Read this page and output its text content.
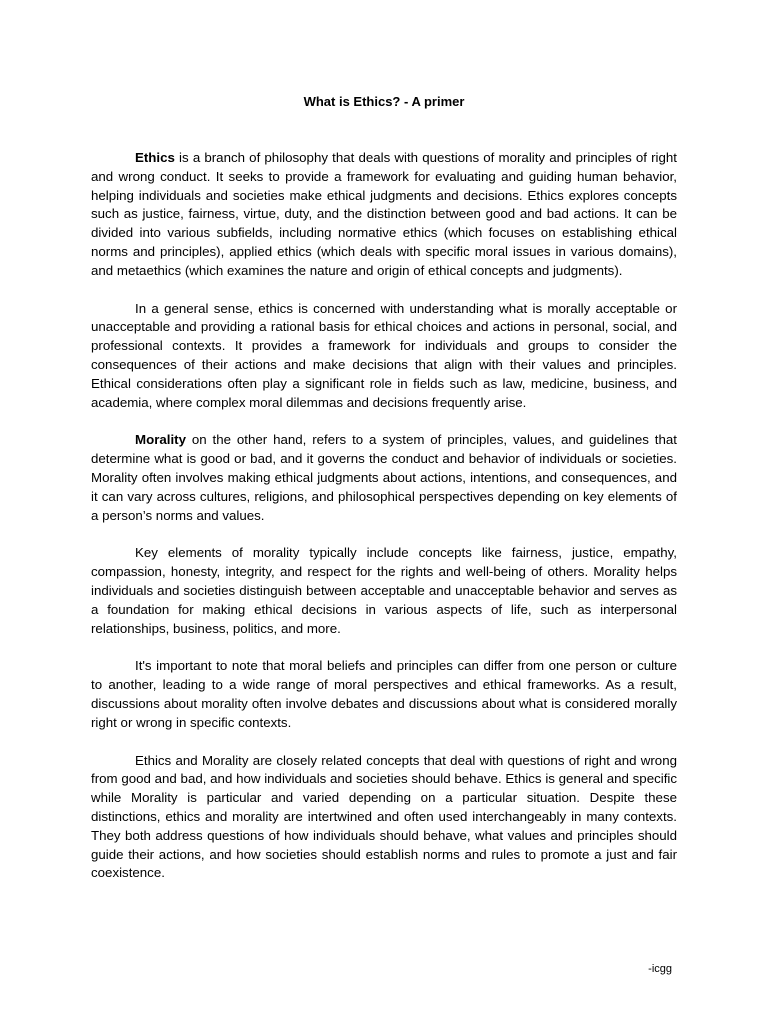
What is Ethics? - A primer

Ethics is a branch of philosophy that deals with questions of morality and principles of right and wrong conduct. It seeks to provide a framework for evaluating and guiding human behavior, helping individuals and societies make ethical judgments and decisions. Ethics explores concepts such as justice, fairness, virtue, duty, and the distinction between good and bad actions. It can be divided into various subfields, including normative ethics (which focuses on establishing ethical norms and principles), applied ethics (which deals with specific moral issues in various domains), and metaethics (which examines the nature and origin of ethical concepts and judgments).

In a general sense, ethics is concerned with understanding what is morally acceptable or unacceptable and providing a rational basis for ethical choices and actions in personal, social, and professional contexts. It provides a framework for individuals and groups to consider the consequences of their actions and make decisions that align with their values and principles. Ethical considerations often play a significant role in fields such as law, medicine, business, and academia, where complex moral dilemmas and decisions frequently arise.

Morality on the other hand, refers to a system of principles, values, and guidelines that determine what is good or bad, and it governs the conduct and behavior of individuals or societies. Morality often involves making ethical judgments about actions, intentions, and consequences, and it can vary across cultures, religions, and philosophical perspectives depending on key elements of a person’s norms and values.

Key elements of morality typically include concepts like fairness, justice, empathy, compassion, honesty, integrity, and respect for the rights and well-being of others. Morality helps individuals and societies distinguish between acceptable and unacceptable behavior and serves as a foundation for making ethical decisions in various aspects of life, such as interpersonal relationships, business, politics, and more.

It's important to note that moral beliefs and principles can differ from one person or culture to another, leading to a wide range of moral perspectives and ethical frameworks. As a result, discussions about morality often involve debates and discussions about what is considered morally right or wrong in specific contexts.

Ethics and Morality are closely related concepts that deal with questions of right and wrong from good and bad, and how individuals and societies should behave. Ethics is general and specific while Morality is particular and varied depending on a particular situation. Despite these distinctions, ethics and morality are intertwined and often used interchangeably in many contexts. They both address questions of how individuals should behave, what values and principles should guide their actions, and how societies should establish norms and rules to promote a just and fair coexistence.

-icgg
